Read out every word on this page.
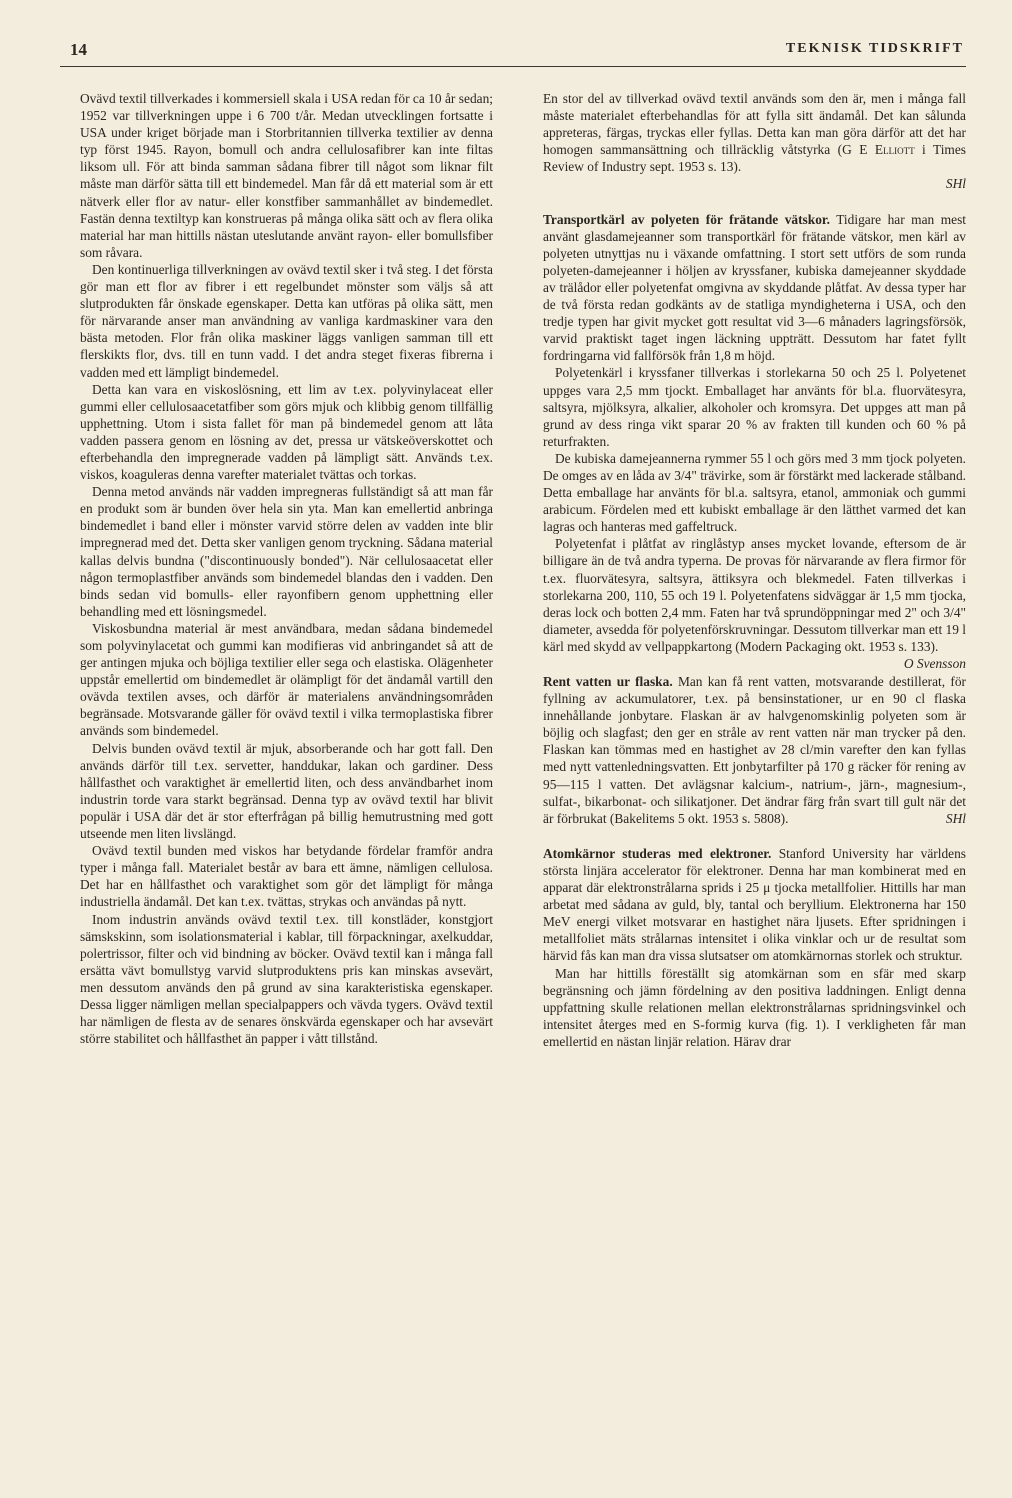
14	TEKNISK TIDSKRIFT

Ovävd textil tillverkades i kommersiell skala i USA redan för ca 10 år sedan; 1952 var tillverkningen uppe i 6 700 t/år. Medan utvecklingen fortsatte i USA under kriget började man i Storbritannien tillverka textilier av denna typ först 1945. Rayon, bomull och andra cellulosafibrer kan inte filtas liksom ull. För att binda samman sådana fibrer till något som liknar filt måste man därför sätta till ett bindemedel. Man får då ett material som är ett nätverk eller flor av natur- eller konstfiber sammanhållet av bindemedlet. Fastän denna textiltyp kan konstrueras på många olika sätt och av flera olika material har man hittills nästan uteslutande använt rayon- eller bomullsfiber som råvara.

Den kontinuerliga tillverkningen av ovävd textil sker i två steg. I det första gör man ett flor av fibrer i ett regelbundet mönster som väljs så att slutprodukten får önskade egenskaper. Detta kan utföras på olika sätt, men för närvarande anser man användning av vanliga kardmaskiner vara den bästa metoden. Flor från olika maskiner läggs vanligen samman till ett flerskikts flor, dvs. till en tunn vadd. I det andra steget fixeras fibrerna i vadden med ett lämpligt bindemedel.

Detta kan vara en viskoslösning, ett lim av t.ex. polyvinylaceat eller gummi eller cellulosaacetatfiber som görs mjuk och klibbig genom tillfällig upphettning. Utom i sista fallet för man på bindemedel genom att låta vadden passera genom en lösning av det, pressa ur vätskeöverskottet och efterbehandla den impregnerade vadden på lämpligt sätt. Används t.ex. viskos, koaguleras denna varefter materialet tvättas och torkas.

Denna metod används när vadden impregneras fullständigt så att man får en produkt som är bunden över hela sin yta. Man kan emellertid anbringa bindemedlet i band eller i mönster varvid större delen av vadden inte blir impregnerad med det. Detta sker vanligen genom tryckning. Sådana material kallas delvis bundna ("discontinuously bonded"). När cellulosaacetat eller någon termoplastfiber används som bindemedel blandas den i vadden. Den binds sedan vid bomulls- eller rayonfibern genom upphettning eller behandling med ett lösningsmedel.

Viskosbundna material är mest användbara, medan sådana bindemedel som polyvinylacetat och gummi kan modifieras vid anbringandet så att de ger antingen mjuka och böjliga textilier eller sega och elastiska. Olägenheter uppstår emellertid om bindemedlet är olämpligt för det ändamål vartill den ovävda textilen avses, och därför är materialens användningsområden begränsade. Motsvarande gäller för ovävd textil i vilka termoplastiska fibrer används som bindemedel.

Delvis bunden ovävd textil är mjuk, absorberande och har gott fall. Den används därför till t.ex. servetter, handdukar, lakan och gardiner. Dess hållfasthet och varaktighet är emellertid liten, och dess användbarhet inom industrin torde vara starkt begränsad. Denna typ av ovävd textil har blivit populär i USA där det är stor efterfrågan på billig hemutrustning med gott utseende men liten livslängd.

Ovävd textil bunden med viskos har betydande fördelar framför andra typer i många fall. Materialet består av bara ett ämne, nämligen cellulosa. Det har en hållfasthet och varaktighet som gör det lämpligt för många industriella ändamål. Det kan t.ex. tvättas, strykas och användas på nytt.

Inom industrin används ovävd textil t.ex. till konstläder, konstgjort sämskskinn, som isolationsmaterial i kablar, till förpackningar, axelkuddar, polertrissor, filter och vid bindning av böcker. Ovävd textil kan i många fall ersätta vävt bomullstyg varvid slutproduktens pris kan minskas avsevärt, men dessutom används den på grund av sina karakteristiska egenskaper. Dessa ligger nämligen mellan specialpappers och vävda tygers. Ovävd textil har nämligen de flesta av de senares önskvärda egenskaper och har avsevärt större stabilitet och hållfasthet än papper i vått tillstånd.

En stor del av tillverkad ovävd textil används som den är, men i många fall måste materialet efterbehandlas för att fylla sitt ändamål. Det kan sålunda appreteras, färgas, tryckas eller fyllas. Detta kan man göra därför att det har homogen sammansättning och tillräcklig våtstyrka (G E Elliott i Times Review of Industry sept. 1953 s. 13).

SHl

Transportkärl av polyeten för frätande vätskor. Tidigare har man mest använt glasdamejeanner som transportkärl för frätande vätskor, men kärl av polyeten utnyttjas nu i växande omfattning. I stort sett utförs de som runda polyeten-damejeanner i höljen av kryssfaner, kubiska damejeanner skyddade av trälådor eller polyetenfat omgivna av skyddande plåtfat. Av dessa typer har de två första redan godkänts av de statliga myndigheterna i USA, och den tredje typen har givit mycket gott resultat vid 3—6 månaders lagringsförsök, varvid praktiskt taget ingen läckning uppträtt. Dessutom har fatet fyllt fordringarna vid fallförsök från 1,8 m höjd.

Polyetenkärl i kryssfaner tillverkas i storlekarna 50 och 25 l. Polyetenet uppges vara 2,5 mm tjockt. Emballaget har använts för bl.a. fluorvätesyra, saltsyra, mjölksyra, alkalier, alkoholer och kromsyra. Det uppges att man på grund av dess ringa vikt sparar 20 % av frakten till kunden och 60 % på returfrakten.

De kubiska damejeannerna rymmer 55 l och görs med 3 mm tjock polyeten. De omges av en låda av 3/4" trävirke, som är förstärkt med lackerade stålband. Detta emballage har använts för bl.a. saltsyra, etanol, ammoniak och gummi arabicum. Fördelen med ett kubiskt emballage är den lätthet varmed det kan lagras och hanteras med gaffeltruck.

Polyetenfat i plåtfat av ringlåstyp anses mycket lovande, eftersom de är billigare än de två andra typerna. De provas för närvarande av flera firmor för t.ex. fluorvätesyra, saltsyra, ättiksyra och blekmedel. Faten tillverkas i storlekarna 200, 110, 55 och 19 l. Polyetenfatens sidväggar är 1,5 mm tjocka, deras lock och botten 2,4 mm. Faten har två sprundöppningar med 2" och 3/4" diameter, avsedda för polyetenförskruvningar. Dessutom tillverkar man ett 19 l kärl med skydd av vellpappkartong (Modern Packaging okt. 1953 s. 133).
O Svensson

Rent vatten ur flaska. Man kan få rent vatten, motsvarande destillerat, för fyllning av ackumulatorer, t.ex. på bensinstationer, ur en 90 cl flaska innehållande jonbytare. Flaskan är av halvgenomskinlig polyeten som är böjlig och slagfast; den ger en stråle av rent vatten när man trycker på den. Flaskan kan tömmas med en hastighet av 28 cl/min varefter den kan fyllas med nytt vattenledningsvatten. Ett jonbytarfilter på 170 g räcker för rening av 95—115 l vatten. Det avlägsnar kalcium-, natrium-, järn-, magnesium-, sulfat-, bikarbonat- och silikatjoner. Det ändrar färg från svart till gult när det är förbrukat (Bakelitems 5 okt. 1953 s. 5808).	SHl

Atomkärnor studeras med elektroner. Stanford University har världens största linjära accelerator för elektroner. Denna har man kombinerat med en apparat där elektronstrålarna sprids i 25 μ tjocka metallfolier. Hittills har man arbetat med sådana av guld, bly, tantal och beryllium. Elektronerna har 150 MeV energi vilket motsvarar en hastighet nära ljusets. Efter spridningen i metallfoliet mäts strålarnas intensitet i olika vinklar och ur de resultat som härvid fås kan man dra vissa slutsatser om atomkärnornas storlek och struktur.

Man har hittills föreställt sig atomkärnan som en sfär med skarp begränsning och jämn fördelning av den positiva laddningen. Enligt denna uppfattning skulle relationen mellan elektronstrålarnas spridningsvinkel och intensitet återges med en S-formig kurva (fig. 1). I verkligheten får man emellertid en nästan linjär relation. Härav drar
